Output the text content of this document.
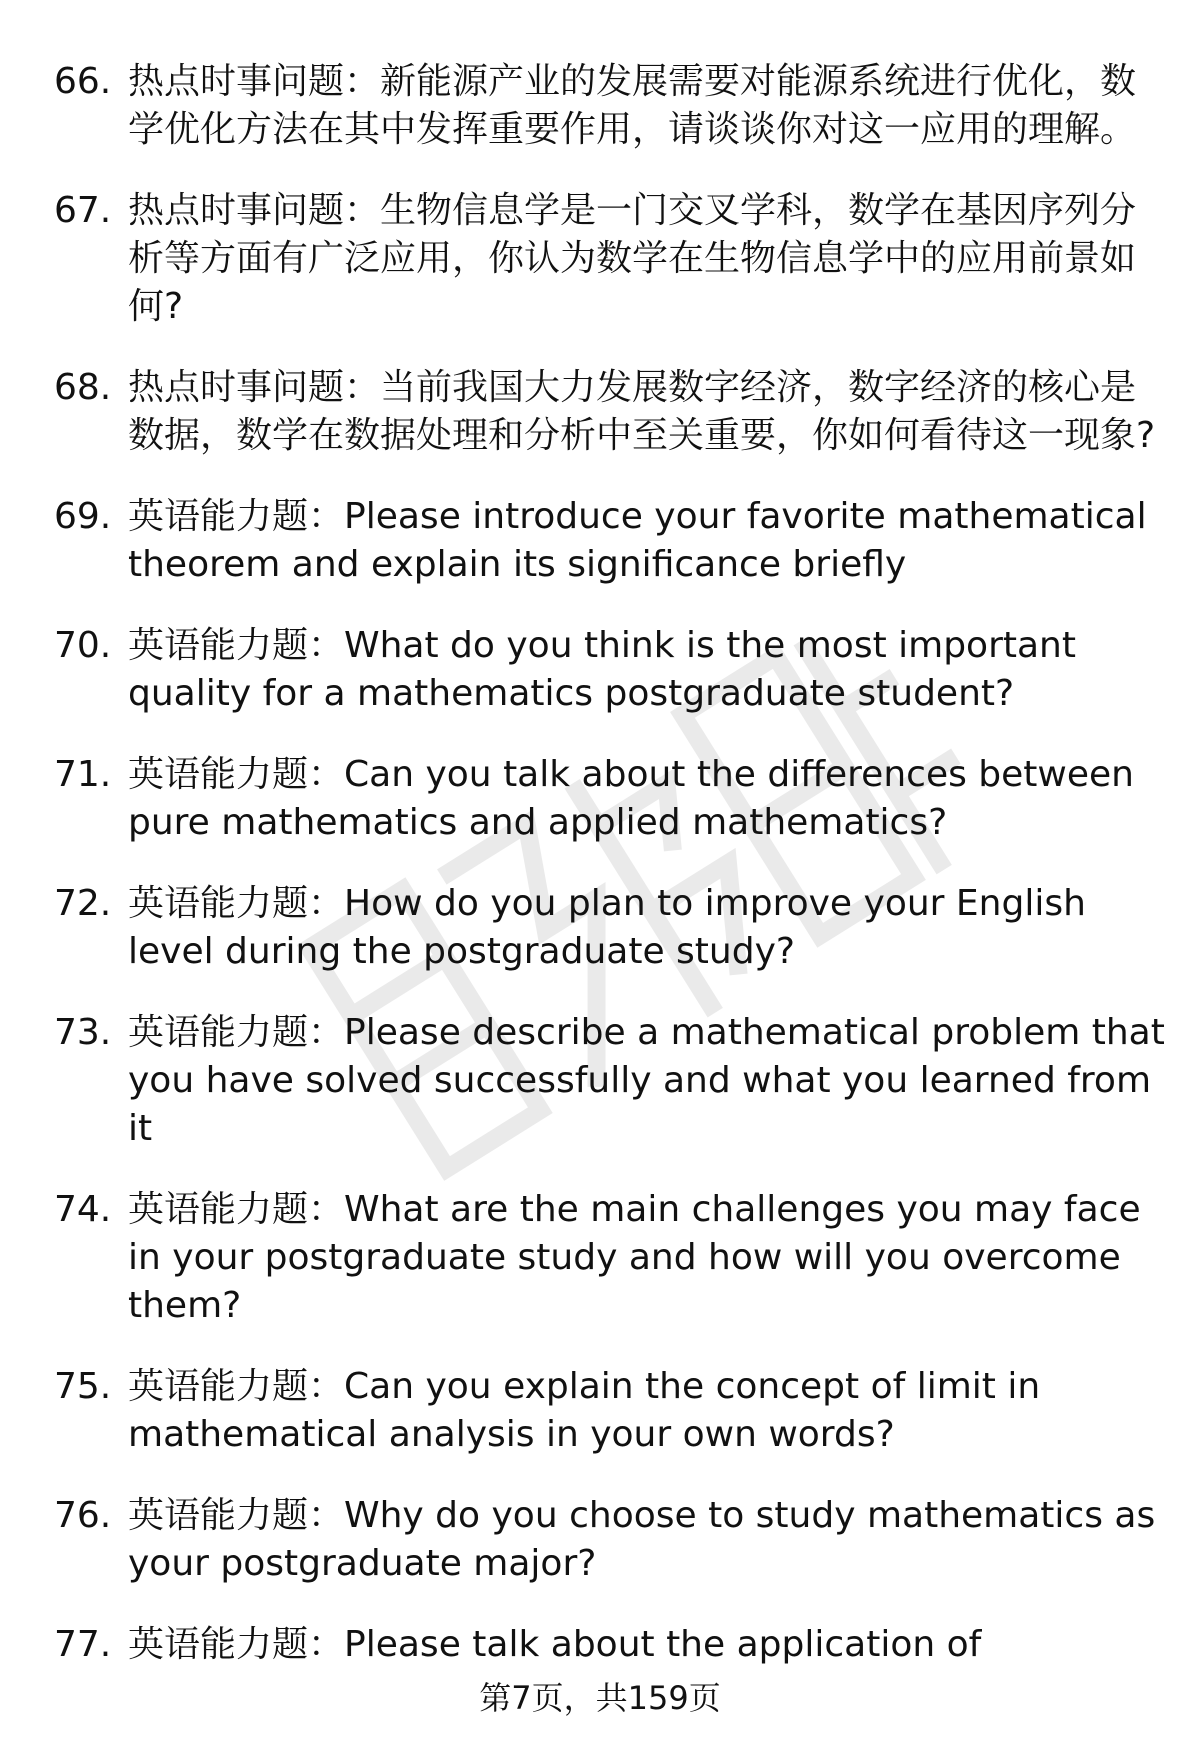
66. 热点时事问题：新能源产业的发展需要对能源系统进行优化，数学优化方法在其中发挥重要作用，请谈谈你对这一应用的理解。
67. 热点时事问题：生物信息学是一门交叉学科，数学在基因序列分析等方面有广泛应用，你认为数学在生物信息学中的应用前景如何?
68. 热点时事问题：当前我国大力发展数字经济，数字经济的核心是数据，数学在数据处理和分析中至关重要，你如何看待这一现象?
69. 英语能力题：Please introduce your favorite mathematical theorem and explain its significance briefly
70. 英语能力题：What do you think is the most important quality for a mathematics postgraduate student?
71. 英语能力题：Can you talk about the differences between pure mathematics and applied mathematics?
72. 英语能力题：How do you plan to improve your English level during the postgraduate study?
73. 英语能力题：Please describe a mathematical problem that you have solved successfully and what you learned from it
74. 英语能力题：What are the main challenges you may face in your postgraduate study and how will you overcome them?
75. 英语能力题：Can you explain the concept of limit in mathematical analysis in your own words?
76. 英语能力题：Why do you choose to study mathematics as your postgraduate major?
77. 英语能力题：Please talk about the application of
第7页，共159页
